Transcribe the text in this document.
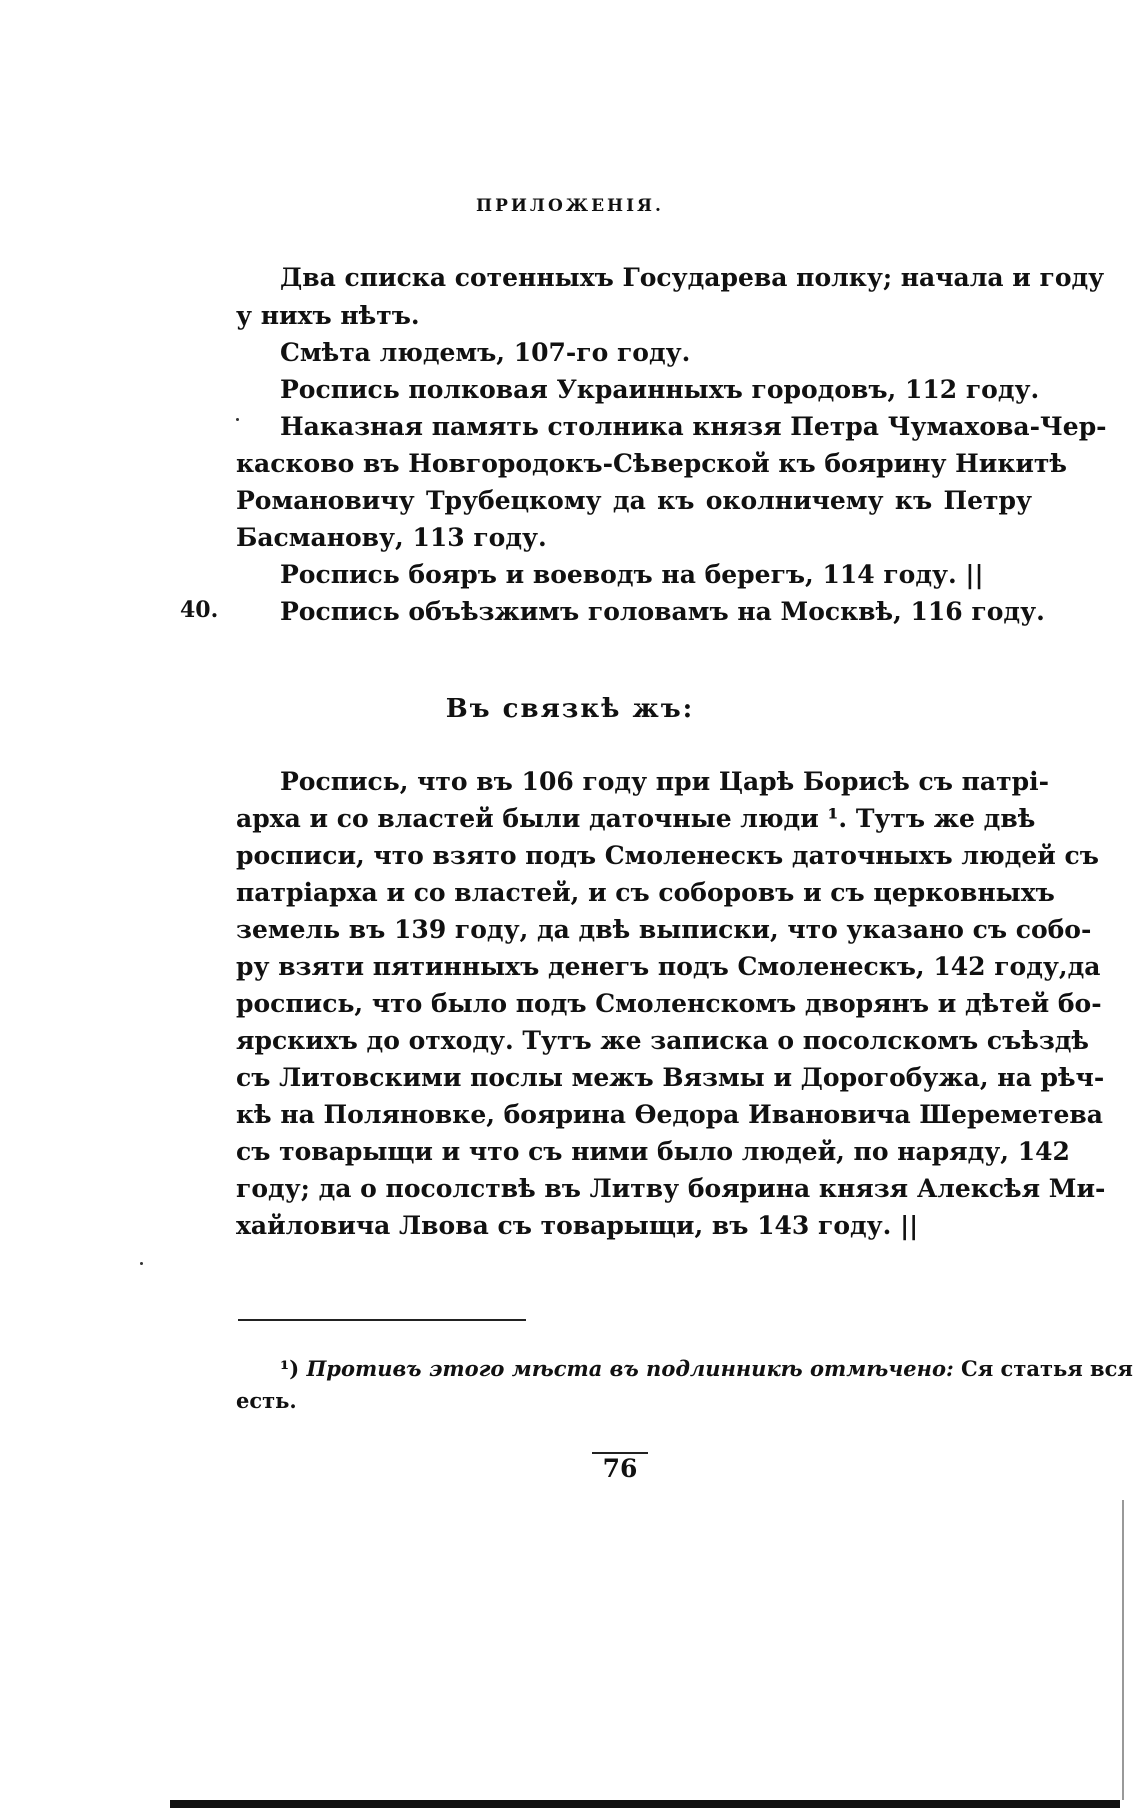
ПРИЛОЖЕНІЯ.
Два списка сотенныхъ Государева полку; начала и году
у нихъ нѣтъ.
Смѣта людемъ, 107-го году.
Роспись полковая Украинныхъ городовъ, 112 году.
Наказная память столника князя Петра Чумахова-Чер-
касково въ Новгородокъ-Сѣверской къ боярину Никитѣ
Романовичу Трубецкому да къ околничему къ Петру
Басманову, 113 году.
Роспись бояръ и воеводъ на берегъ, 114 году. ||
40. Роспись объѣзжимъ головамъ на Москвѣ, 116 году.
Въ связкѣ жъ:
Роспись, что въ 106 году при Царѣ Борисѣ съ патрі-
арха и со властей были даточные люди ¹. Тутъ же двѣ
росписи, что взято подъ Смоленескъ даточныхъ людей съ
патріарха и со властей, и съ соборовъ и съ церковныхъ
земель въ 139 году, да двѣ выписки, что указано съ собо-
ру взяти пятинныхъ денегъ подъ Смоленескъ, 142 году,да
роспись, что было подъ Смоленскомъ дворянъ и дѣтей бо-
ярскихъ до отходу. Тутъ же записка о посолскомъ съѣздѣ
съ Литовскими послы межъ Вязмы и Дорогобужа, на рѣч-
кѣ на Поляновке, боярина Ѳедора Ивановича Шереметева
съ товарыщи и что съ ними было людей, по наряду, 142
году; да о посолствѣ въ Литву боярина князя Алексѣя Ми-
хайловича Лвова съ товарыщи, въ 143 году. ||
¹) Противъ этого мѣста въ подлинникѣ отмѣчено: Ся статья вся
есть.
76
